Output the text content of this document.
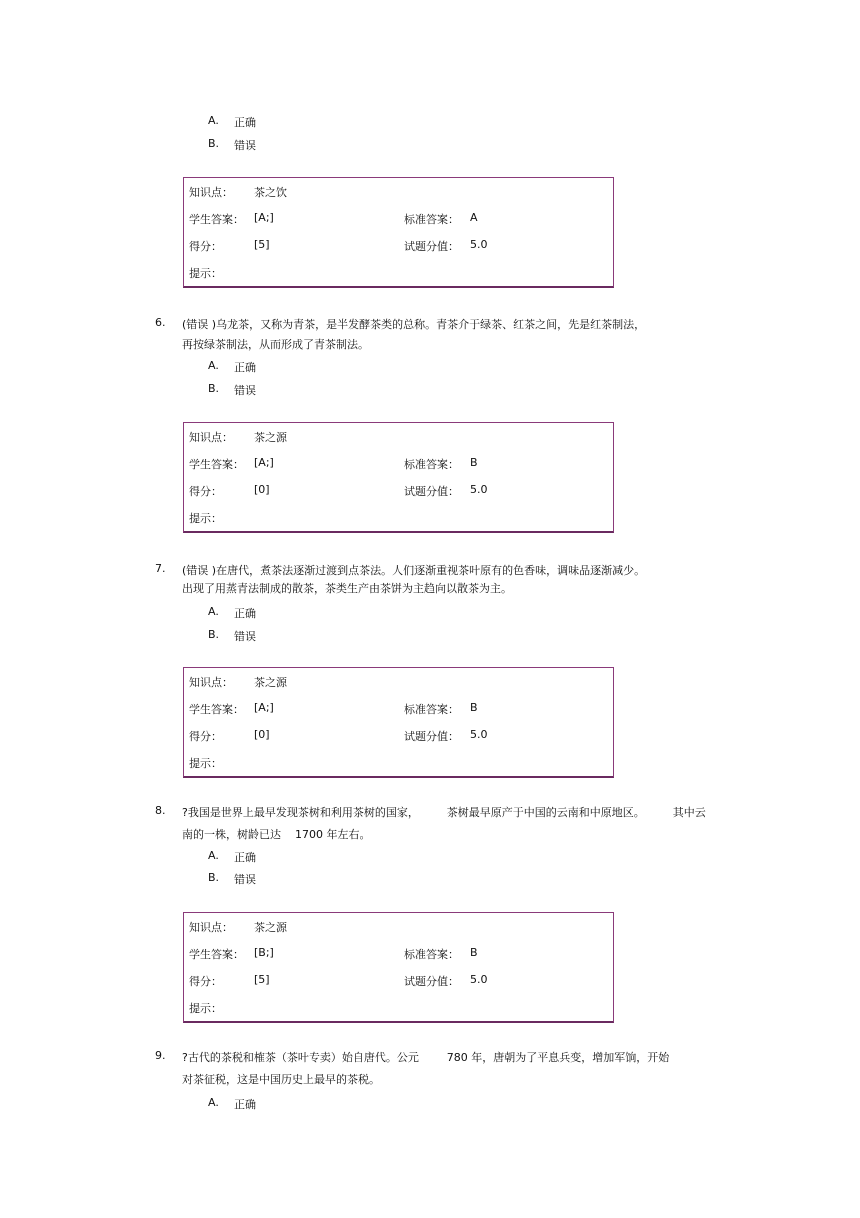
A. 正确
B. 错误
知识点： 茶之饮
学生答案： [A;]	标准答案： A
得分：	[5]	试题分值： 5.0
提示：
6. (错误 )乌龙茶，又称为青茶，是半发酵茶类的总称。青茶介于绿茶、红茶之间，先是红茶制法，
再按绿茶制法，从而形成了青茶制法。
A. 正确
B. 错误
知识点： 茶之源
学生答案： [A;]	标准答案： B
得分：	[0]	试题分值： 5.0
提示：
7. (错误 )在唐代，煮茶法逐渐过渡到点茶法。人们逐渐重视茶叶原有的色香味，调味品逐渐减少。
出现了用蒸青法制成的散茶，茶类生产由茶饼为主趋向以散茶为主。
A. 正确
B. 错误
知识点： 茶之源
学生答案： [A;]	标准答案： B
得分：	[0]	试题分值： 5.0
提示：
8. ?我国是世界上最早发现茶树和利用茶树的国家，        茶树最早原产于中国的云南和中原地区。        其中云
南的一株，树龄已达    1700 年左右。
A. 正确
B. 错误
知识点： 茶之源
学生答案： [B;]	标准答案： B
得分：	[5]	试题分值： 5.0
提示：
9. ?古代的茶税和榷茶（茶叶专卖）始自唐代。公元        780 年，唐朝为了平息兵变，增加军饷，开始
对茶征税，这是中国历史上最早的茶税。
A. 正确
